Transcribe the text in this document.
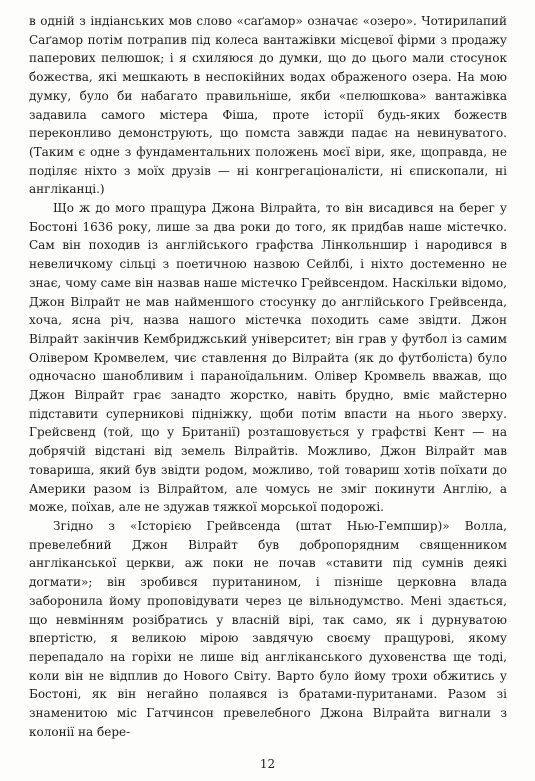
в одній з індіанських мов слово «саґамор» означає «озеро». Чотирилапий Саґамор потім потрапив під колеса вантажівки місцевої фірми з продажу паперових пелюшок; і я схиляюся до думки, що до цього мали стосунок божества, які мешкають в неспокійних водах ображеного озера. На мою думку, було би набагато правильніше, якби «пелюшкова» вантажівка задавила самого містера Фіша, проте історії будь-яких божеств переконливо демонструють, що помста завжди падає на невинуватого. (Таким є одне з фундаментальних положень моєї віри, яке, щоправда, не поділяє ніхто з моїх друзів — ні конгрегаціоналісти, ні єпископали, ні англіканці.)

Що ж до мого пращура Джона Вілрайта, то він висадився на берег у Бостоні 1636 року, лише за два роки до того, як придбав наше містечко. Сам він походив із англійського графства Лінкольншир і народився в невеличкому сільці з поетичною назвою Сейлбі, і ніхто достеменно не знає, чому саме він назвав наше містечко Грейвсендом. Наскільки відомо, Джон Вілрайт не мав найменшого стосунку до англійського Грейвсенда, хоча, ясна річ, назва нашого містечка походить саме звідти. Джон Вілрайт закінчив Кембриджський університет; він грав у футбол із самим Олівером Кромвелем, чиє ставлення до Вілрайта (як до футболіста) було одночасно шанобливим і параноїдальним. Олівер Кромвель вважав, що Джон Вілрайт грає занадто жорстко, навіть брудно, вміє майстерно підставити суперникові підніжку, щоби потім впасти на нього зверху. Грейсвенд (той, що у Британії) розташовується у графстві Кент — на добрячій відстані від земель Вілрайтів. Можливо, Джон Вілрайт мав товариша, який був звідти родом, можливо, той товариш хотів поїхати до Америки разом із Вілрайтом, але чомусь не зміг покинути Англію, а може, поїхав, але не здужав тяжкої морської подорожі.

Згідно з «Історією Грейвсенда (штат Нью-Гемпшир)» Волла, превелебний Джон Вілрайт був добропорядним священником англіканської церкви, аж поки не почав «ставити під сумнів деякі догмати»; він зробився пуританином, і пізніше церковна влада заборонила йому проповідувати через це вільнодумство. Мені здається, що невмінням розібратись у власній вірі, так само, як і дурнуватою впертістю, я великою мірою завдячую своєму пращурові, якому перепадало на горіхи не лише від англіканського духовенства ще тоді, коли він не відплив до Нового Світу. Варто було йому трохи обжитись у Бостоні, як він негайно полаявся із братами-пуританами. Разом зі знаменитою міс Гатчинсон превелебного Джона Вілрайта вигнали з колонії на бере-

12
